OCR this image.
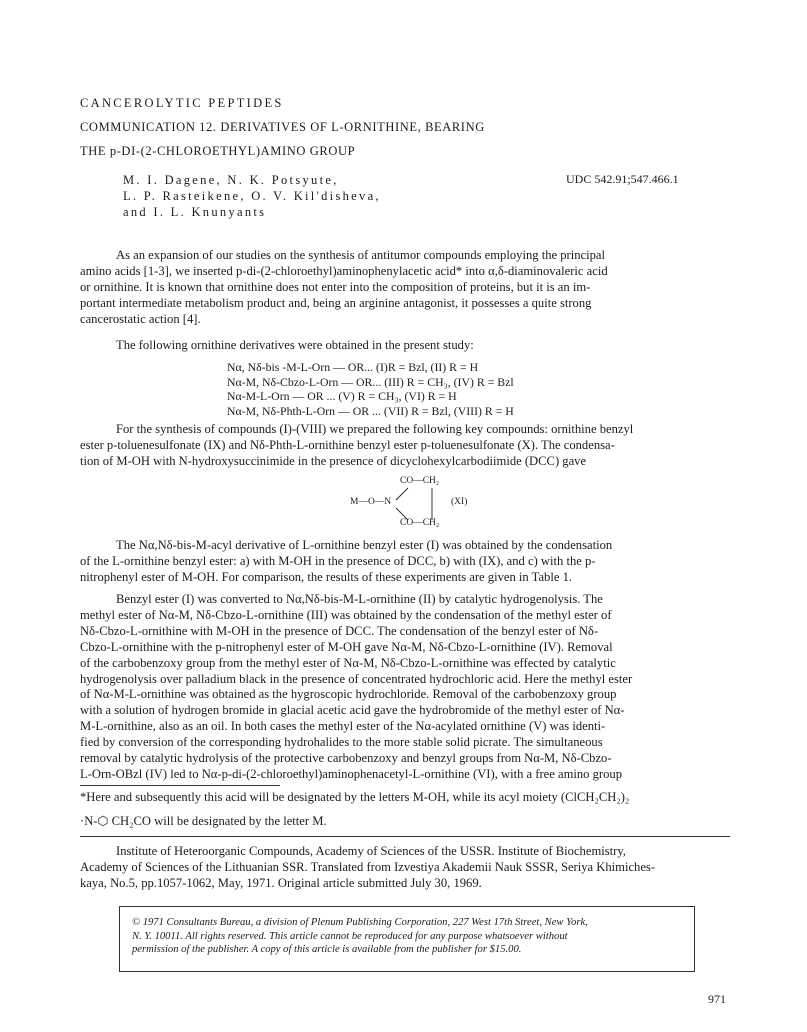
CANCEROLYTIC PEPTIDES
COMMUNICATION 12. DERIVATIVES OF L-ORNITHINE, BEARING
THE p-DI-(2-CHLOROETHYL)AMINO GROUP
M. I. Dagene, N. K. Potsyute,
L. P. Rasteikene, O. V. Kil'disheva,
and I. L. Knunyants
UDC 542.91;547.466.1
As an expansion of our studies on the synthesis of antitumor compounds employing the principal
amino acids [1-3], we inserted p-di-(2-chloroethyl)aminophenylacetic acid* into α,δ-diaminovaleric acid
or ornithine. It is known that ornithine does not enter into the composition of proteins, but it is an im-
portant intermediate metabolism product and, being an arginine antagonist, it possesses a quite strong
cancerostatic action [4].
The following ornithine derivatives were obtained in the present study:
Nα, Nδ-bis -M-L-Orn — OR... (I)R = Bzl, (II) R = H
Nα-M, Nδ-Cbzo-L-Orn — OR... (III) R = CH₃, (IV) R = Bzl
Nα-M-L-Orn — OR ... (V) R = CH₃, (VI) R = H
Nα-M, Nδ-Phth-L-Orn — OR ... (VII) R = Bzl, (VIII) R = H
For the synthesis of compounds (I)-(VIII) we prepared the following key compounds: ornithine benzyl
ester p-toluenesulfonate (IX) and Nδ-Phth-L-ornithine benzyl ester p-toluenesulfonate (X). The condensa-
tion of M-OH with N-hydroxysuccinimide in the presence of dicyclohexylcarbodiimide (DCC) gave
CO—CH₂
M—O—N
CO—CH₂
(XI)
The Nα,Nδ-bis-M-acyl derivative of L-ornithine benzyl ester (I) was obtained by the condensation
of the L-ornithine benzyl ester: a) with M-OH in the presence of DCC, b) with (IX), and c) with the p-
nitrophenyl ester of M-OH. For comparison, the results of these experiments are given in Table 1.
Benzyl ester (I) was converted to Nα,Nδ-bis-M-L-ornithine (II) by catalytic hydrogenolysis. The
methyl ester of Nα-M, Nδ-Cbzo-L-ornithine (III) was obtained by the condensation of the methyl ester of
Nδ-Cbzo-L-ornithine with M-OH in the presence of DCC. The condensation of the benzyl ester of Nδ-
Cbzo-L-ornithine with the p-nitrophenyl ester of M-OH gave Nα-M, Nδ-Cbzo-L-ornithine (IV). Removal
of the carbobenzoxy group from the methyl ester of Nα-M, Nδ-Cbzo-L-ornithine was effected by catalytic
hydrogenolysis over palladium black in the presence of concentrated hydrochloric acid. Here the methyl ester
of Nα-M-L-ornithine was obtained as the hygroscopic hydrochloride. Removal of the carbobenzoxy group
with a solution of hydrogen bromide in glacial acetic acid gave the hydrobromide of the methyl ester of Nα-
M-L-ornithine, also as an oil. In both cases the methyl ester of the Nα-acylated ornithine (V) was identi-
fied by conversion of the corresponding hydrohalides to the more stable solid picrate. The simultaneous
removal by catalytic hydrolysis of the protective carbobenzoxy and benzyl groups from Nα-M, Nδ-Cbzo-
L-Orn-OBzl (IV) led to Nα-p-di-(2-chloroethyl)aminophenacetyl-L-ornithine (VI), with a free amino group
*Here and subsequently this acid will be designated by the letters M-OH, while its acyl moiety (ClCH₂CH₂)₂
·N-⬡ CH₂CO will be designated by the letter M.
Institute of Heteroorganic Compounds, Academy of Sciences of the USSR. Institute of Biochemistry,
Academy of Sciences of the Lithuanian SSR. Translated from Izvestiya Akademii Nauk SSSR, Seriya Khimiches-
kaya, No.5, pp.1057-1062, May, 1971. Original article submitted July 30, 1969.
© 1971 Consultants Bureau, a division of Plenum Publishing Corporation, 227 West 17th Street, New York,
N. Y. 10011. All rights reserved. This article cannot be reproduced for any purpose whatsoever without
permission of the publisher. A copy of this article is available from the publisher for $15.00.
971
